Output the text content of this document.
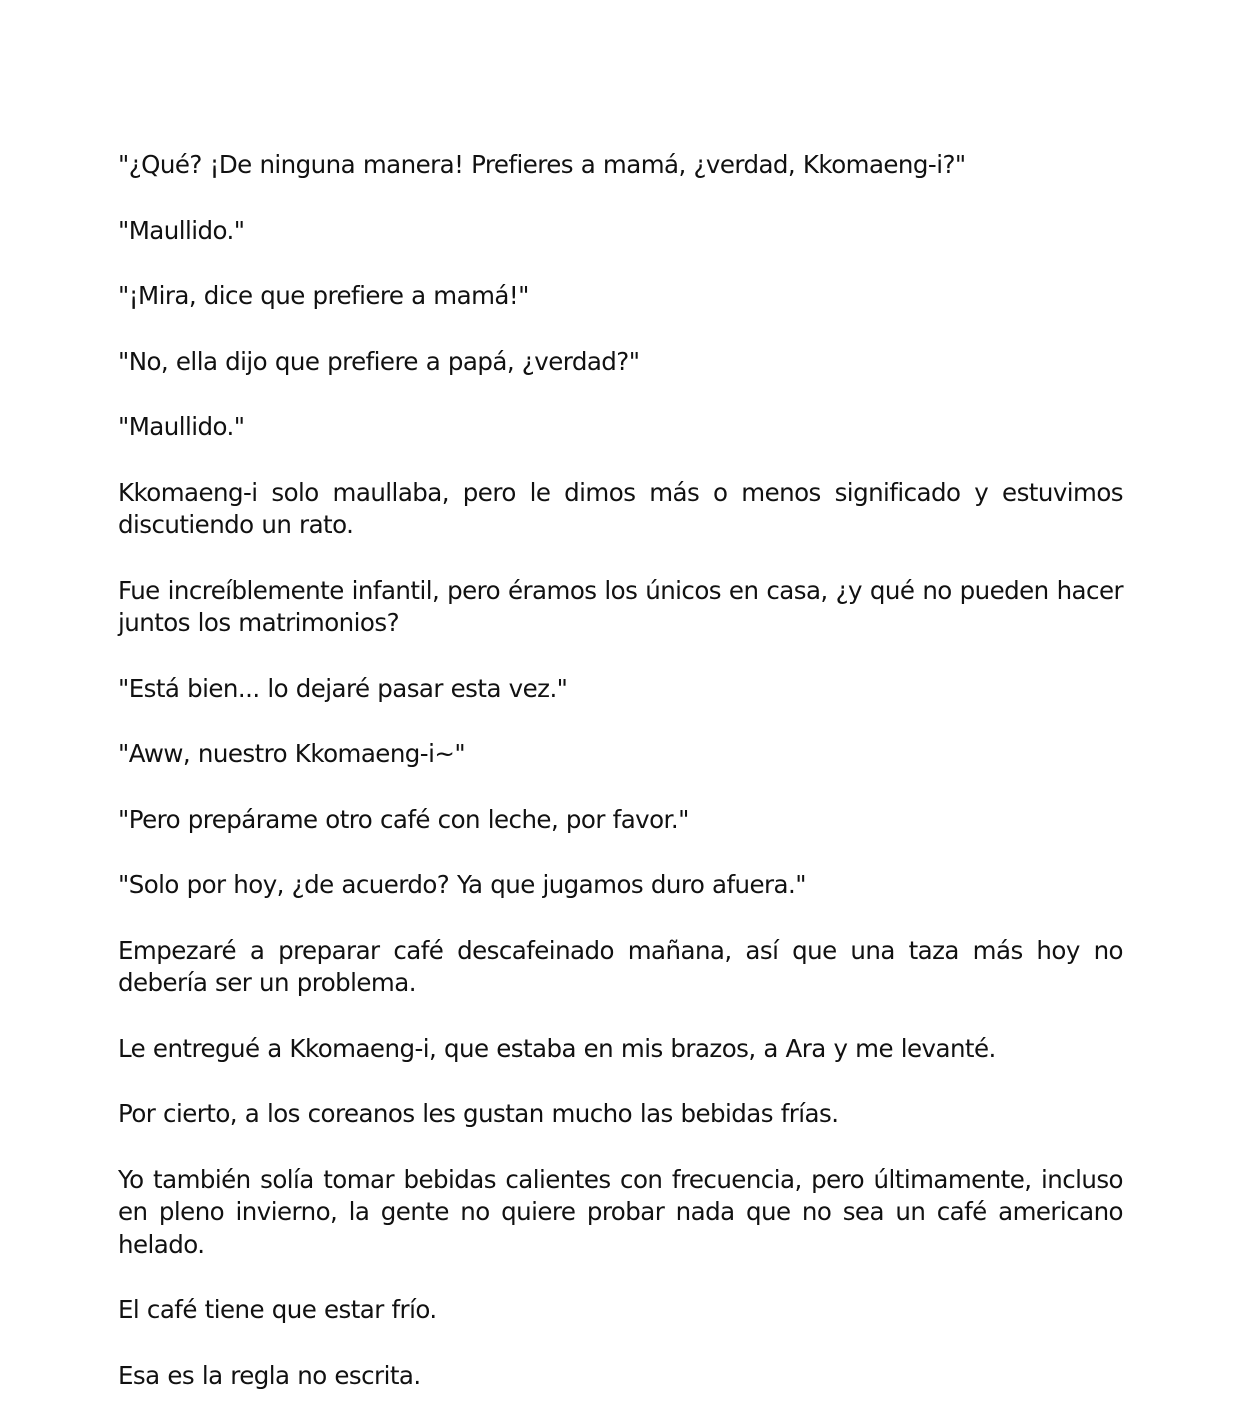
"¿Qué? ¡De ninguna manera! Prefieres a mamá, ¿verdad, Kkomaeng-i?"

"Maullido."

"¡Mira, dice que prefiere a mamá!"

"No, ella dijo que prefiere a papá, ¿verdad?"

"Maullido."

Kkomaeng-i solo maullaba, pero le dimos más o menos significado y estuvimos discutiendo un rato.

Fue increíblemente infantil, pero éramos los únicos en casa, ¿y qué no pueden hacer juntos los matrimonios?

"Está bien... lo dejaré pasar esta vez."

"Aww, nuestro Kkomaeng-i~"

"Pero prepárame otro café con leche, por favor."

"Solo por hoy, ¿de acuerdo? Ya que jugamos duro afuera."

Empezaré a preparar café descafeinado mañana, así que una taza más hoy no debería ser un problema.

Le entregué a Kkomaeng-i, que estaba en mis brazos, a Ara y me levanté.

Por cierto, a los coreanos les gustan mucho las bebidas frías.

Yo también solía tomar bebidas calientes con frecuencia, pero últimamente, incluso en pleno invierno, la gente no quiere probar nada que no sea un café americano helado.

El café tiene que estar frío.

Esa es la regla no escrita.
